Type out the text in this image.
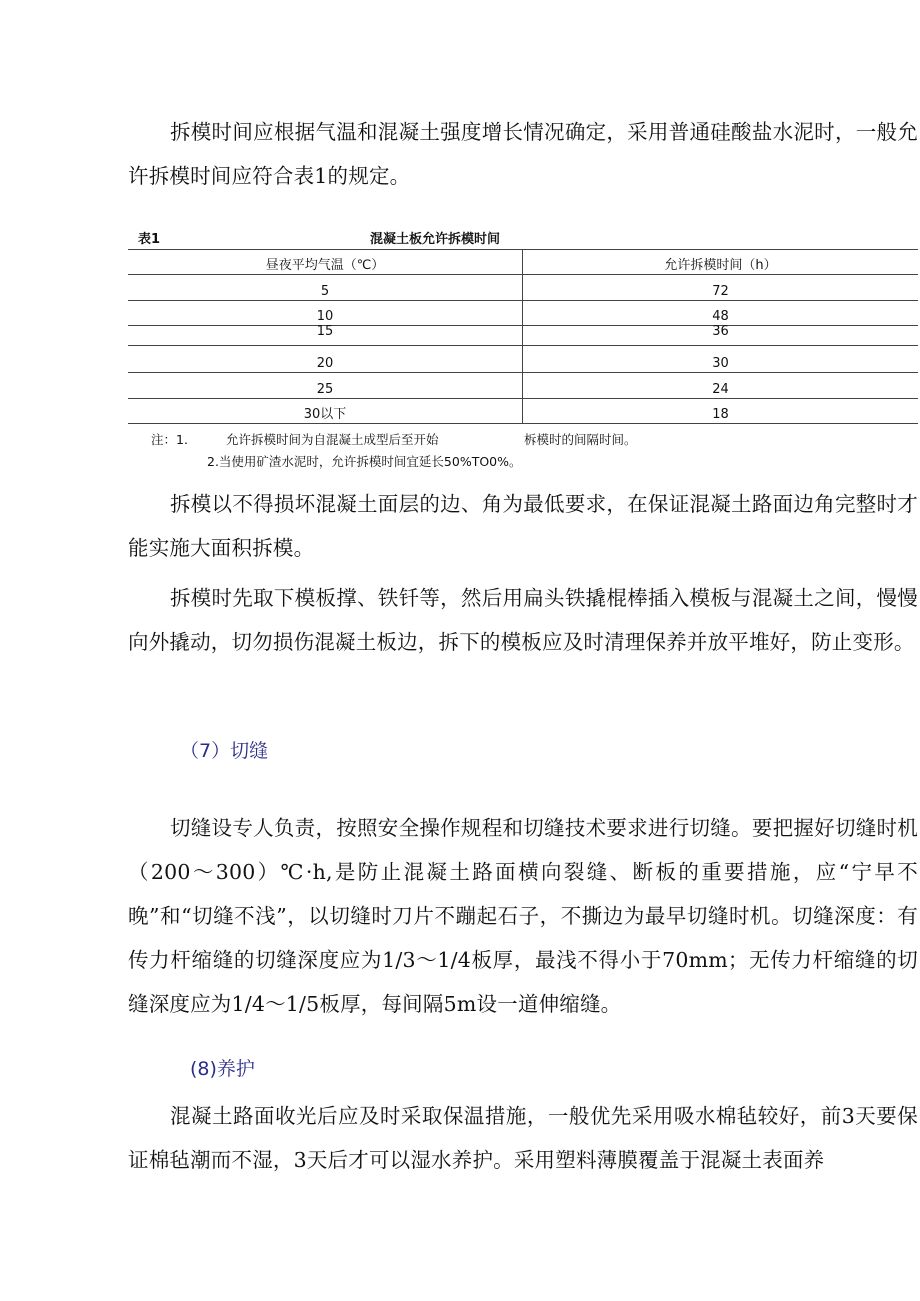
拆模时间应根据气温和混凝土强度增长情况确定，采用普通硅酸盐水泥时，一般允许拆模时间应符合表1的规定。

表1	混凝土板允许拆模时间
昼夜平均气温（℃）	允许拆模时间（h）
5	72
10	48
15	36
20	30
25	24
30以下	18
注：1.	允许拆模时间为自混凝土成型后至开始	柝模时的间隔时间。
2.当使用矿渣水泥时，允许拆模时间宜延长50%TO0%。

拆模以不得损坏混凝土面层的边、角为最低要求，在保证混凝土路面边角完整时才能实施大面积拆模。

拆模时先取下模板撑、铁钎等，然后用扁头铁撬棍棒插入模板与混凝土之间，慢慢向外撬动，切勿损伤混凝土板边，拆下的模板应及时清理保养并放平堆好，防止变形。

（7）切缝

切缝设专人负责，按照安全操作规程和切缝技术要求进行切缝。要把握好切缝时机（200～300）℃·h,是防止混凝土路面横向裂缝、断板的重要措施，应“宁早不晚”和“切缝不浅”，以切缝时刀片不蹦起石子，不撕边为最早切缝时机。切缝深度：有传力杆缩缝的切缝深度应为1/3～1/4板厚，最浅不得小于70mm；无传力杆缩缝的切缝深度应为1/4～1/5板厚，每间隔5m设一道伸缩缝。

(8)养护

混凝土路面收光后应及时采取保温措施，一般优先采用吸水棉毡较好，前3天要保证棉毡潮而不湿，3天后才可以湿水养护。采用塑料薄膜覆盖于混凝土表面养
